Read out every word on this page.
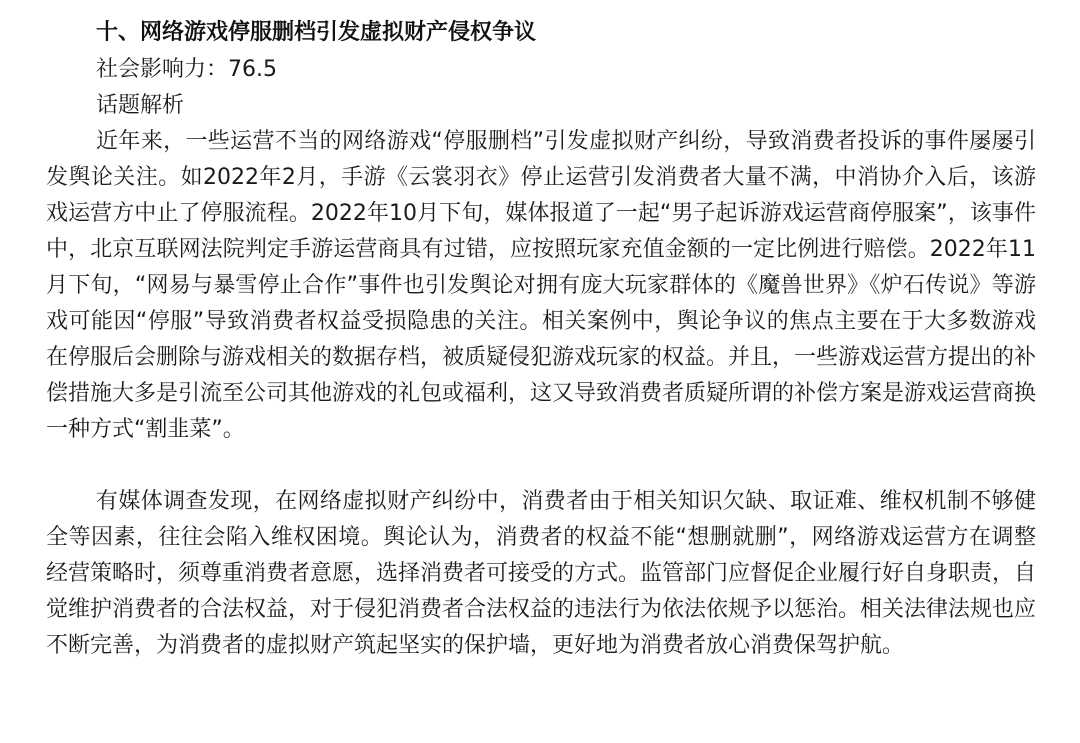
十、网络游戏停服删档引发虚拟财产侵权争议

社会影响力：76.5

话题解析

近年来，一些运营不当的网络游戏“停服删档”引发虚拟财产纠纷，导致消费者投诉的事件屡屡引发舆论关注。如2022年2月，手游《云裳羽衣》停止运营引发消费者大量不满，中消协介入后，该游戏运营方中止了停服流程。2022年10月下旬，媒体报道了一起“男子起诉游戏运营商停服案”，该事件中，北京互联网法院判定手游运营商具有过错，应按照玩家充值金额的一定比例进行赔偿。2022年11月下旬，“网易与暴雪停止合作”事件也引发舆论对拥有庞大玩家群体的《魔兽世界》《炉石传说》等游戏可能因“停服”导致消费者权益受损隐患的关注。相关案例中，舆论争议的焦点主要在于大多数游戏在停服后会删除与游戏相关的数据存档，被质疑侵犯游戏玩家的权益。并且，一些游戏运营方提出的补偿措施大多是引流至公司其他游戏的礼包或福利，这又导致消费者质疑所谓的补偿方案是游戏运营商换一种方式“割韭菜”。

有媒体调查发现，在网络虚拟财产纠纷中，消费者由于相关知识欠缺、取证难、维权机制不够健全等因素，往往会陷入维权困境。舆论认为，消费者的权益不能“想删就删”，网络游戏运营方在调整经营策略时，须尊重消费者意愿，选择消费者可接受的方式。监管部门应督促企业履行好自身职责，自觉维护消费者的合法权益，对于侵犯消费者合法权益的违法行为依法依规予以惩治。相关法律法规也应不断完善，为消费者的虚拟财产筑起坚实的保护墙，更好地为消费者放心消费保驾护航。
